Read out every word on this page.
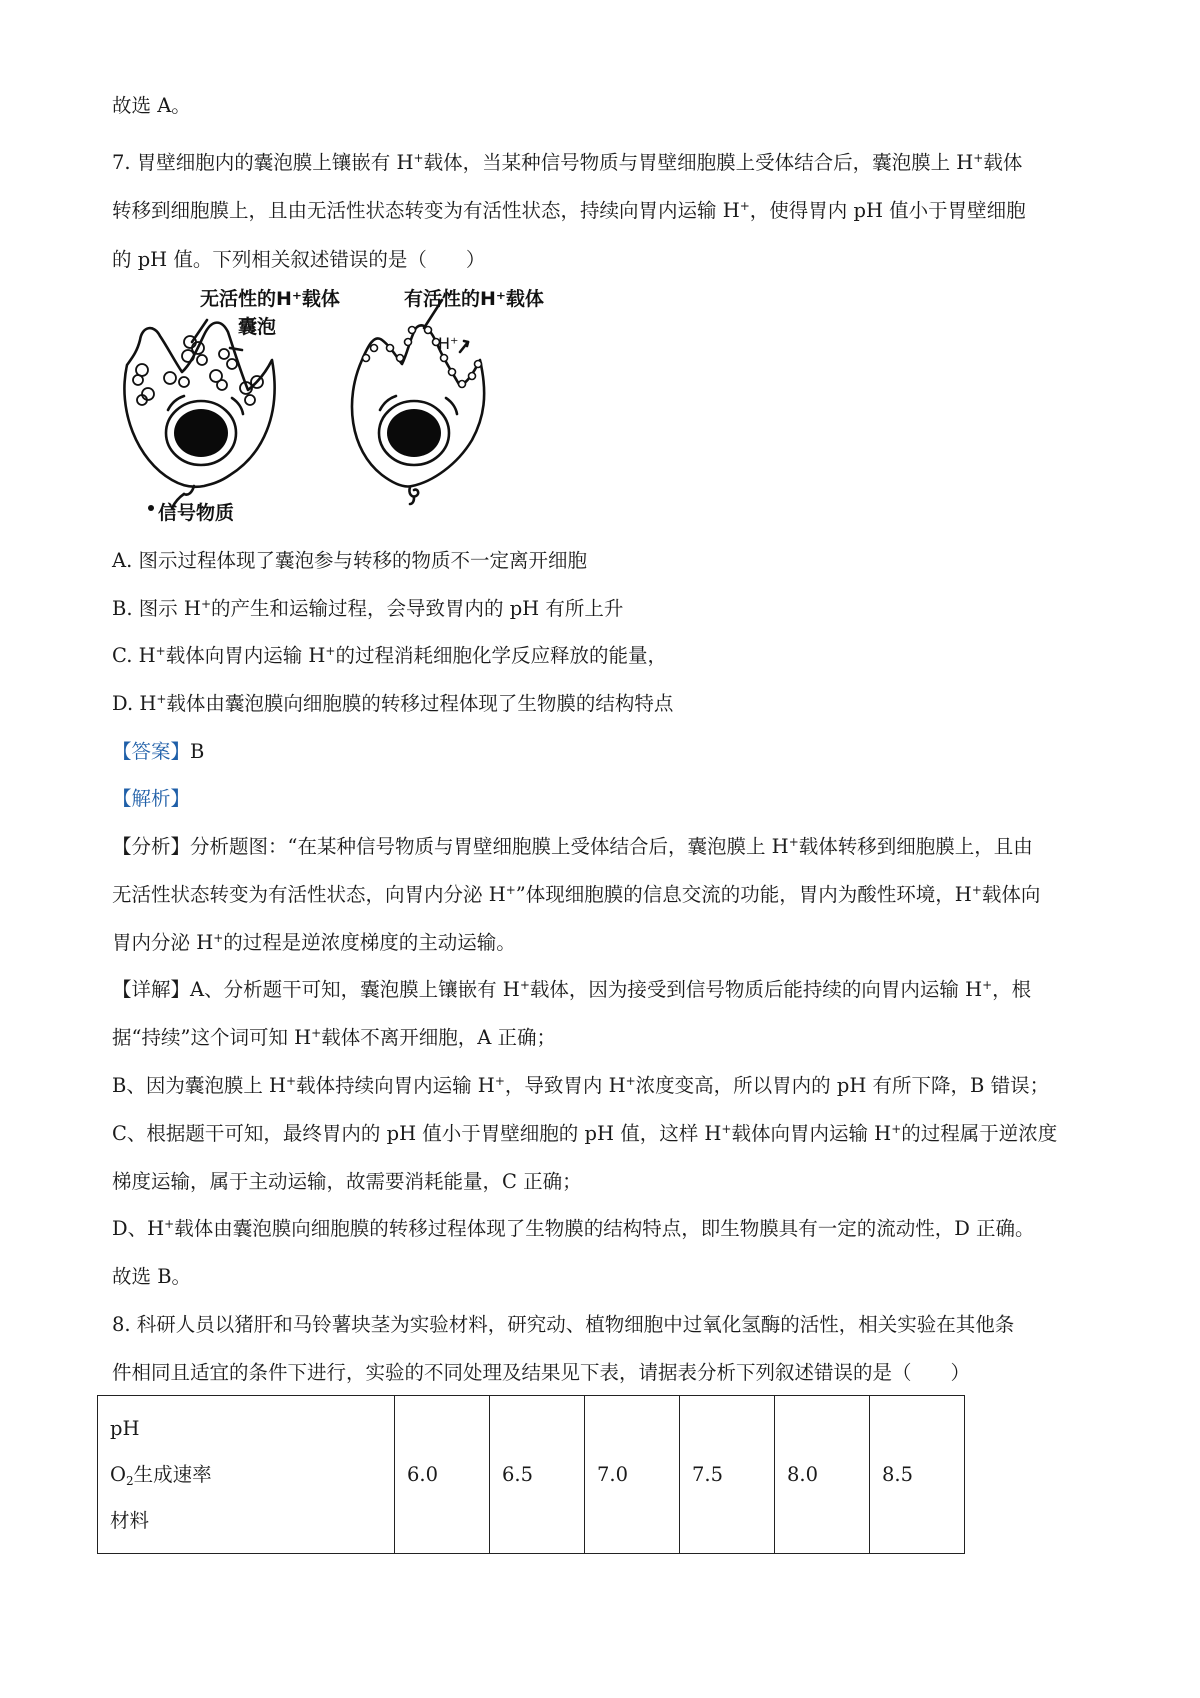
故选 A。
7. 胃壁细胞内的囊泡膜上镶嵌有 H+载体，当某种信号物质与胃壁细胞膜上受体结合后，囊泡膜上 H+载体
转移到细胞膜上，且由无活性状态转变为有活性状态，持续向胃内运输 H+，使得胃内 pH 值小于胃壁细胞
的 pH 值。下列相关叙述错误的是（　　）
无活性的H⁺载体
囊泡
有活性的H⁺载体
H⁺
信号物质
A. 图示过程体现了囊泡参与转移的物质不一定离开细胞
B. 图示 H+的产生和运输过程，会导致胃内的 pH 有所上升
C. H+载体向胃内运输 H+的过程消耗细胞化学反应释放的能量，
D. H+载体由囊泡膜向细胞膜的转移过程体现了生物膜的结构特点
【答案】B
【解析】
【分析】分析题图：“在某种信号物质与胃壁细胞膜上受体结合后，囊泡膜上 H+载体转移到细胞膜上，且由
无活性状态转变为有活性状态，向胃内分泌 H+”体现细胞膜的信息交流的功能，胃内为酸性环境，H+载体向
胃内分泌 H+的过程是逆浓度梯度的主动运输。
【详解】A、分析题干可知，囊泡膜上镶嵌有 H+载体，因为接受到信号物质后能持续的向胃内运输 H+，根
据“持续”这个词可知 H+载体不离开细胞，A 正确；
B、因为囊泡膜上 H+载体持续向胃内运输 H+，导致胃内 H+浓度变高，所以胃内的 pH 有所下降，B 错误；
C、根据题干可知，最终胃内的 pH 值小于胃壁细胞的 pH 值，这样 H+载体向胃内运输 H+的过程属于逆浓度
梯度运输，属于主动运输，故需要消耗能量，C 正确；
D、H+载体由囊泡膜向细胞膜的转移过程体现了生物膜的结构特点，即生物膜具有一定的流动性，D 正确。
故选 B。
8. 科研人员以猪肝和马铃薯块茎为实验材料，研究动、植物细胞中过氧化氢酶的活性，相关实验在其他条
件相同且适宜的条件下进行，实验的不同处理及结果见下表，请据表分析下列叙述错误的是（　　）
pH
$O_2$生成速率
材料
	6.0	6.5	7.0	7.5	8.0	8.5
